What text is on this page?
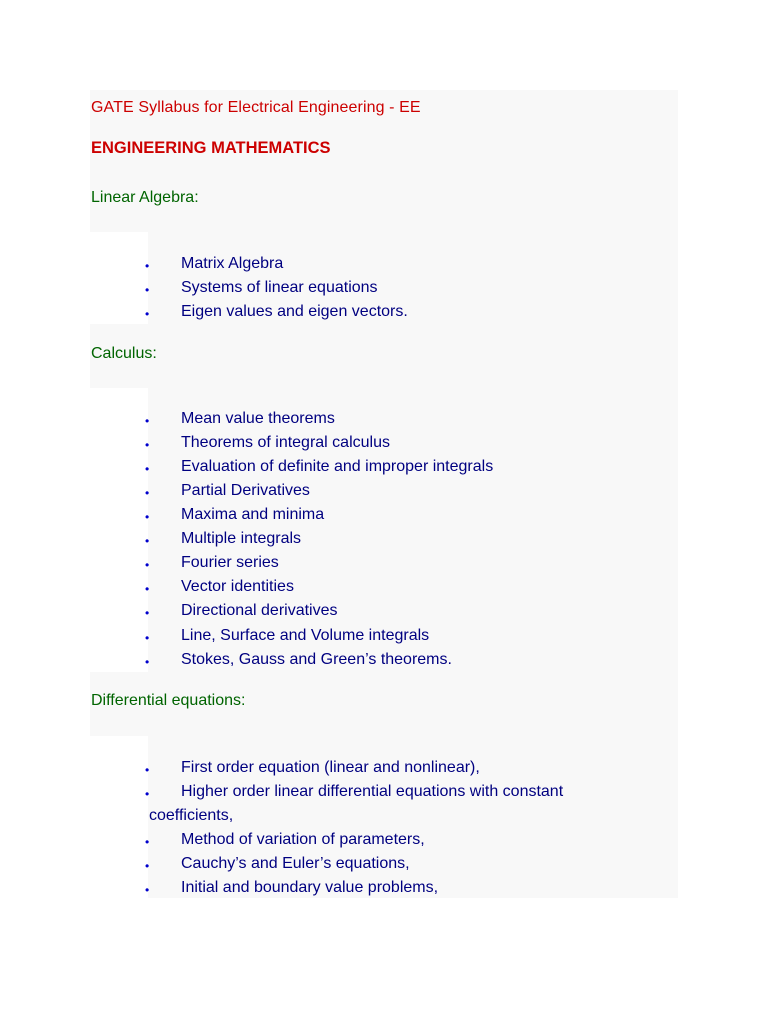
GATE Syllabus for Electrical Engineering - EE
ENGINEERING MATHEMATICS
Linear Algebra:
Calculus:
Differential equations:
• Matrix Algebra
• Systems of linear equations
• Eigen values and eigen vectors.
• Mean value theorems
• Theorems of integral calculus
• Evaluation of definite and improper integrals
• Partial Derivatives
• Maxima and minima
• Multiple integrals
• Fourier series
• Vector identities
• Directional derivatives
• Line, Surface and Volume integrals
• Stokes, Gauss and Green’s theorems.
• First order equation (linear and nonlinear),
• Higher order linear differential equations with constant
coefficients,
• Method of variation of parameters,
• Cauchy’s and Euler’s equations,
• Initial and boundary value problems,
